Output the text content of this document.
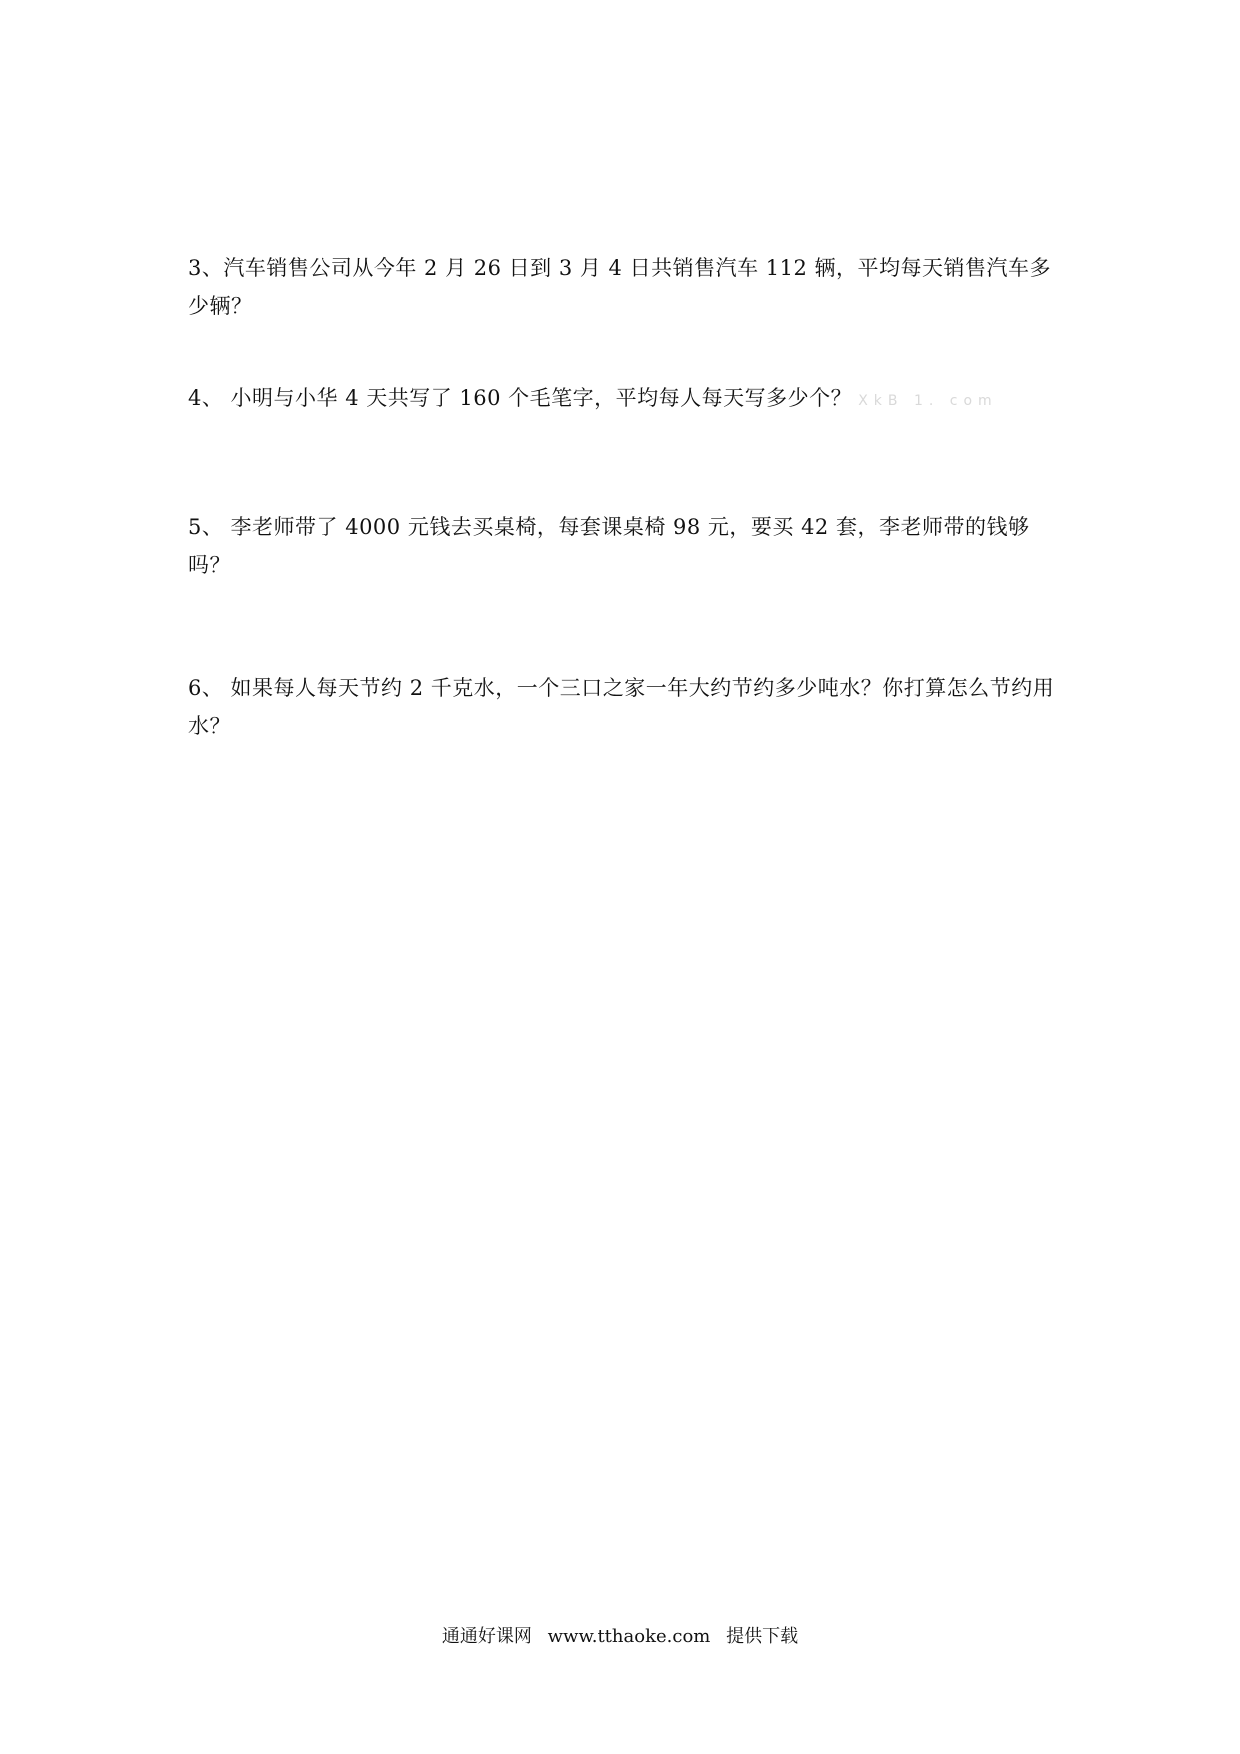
3、汽车销售公司从今年 2 月 26 日到 3 月 4 日共销售汽车 112 辆，平均每天销售汽车多少辆？
4、 小明与小华 4 天共写了 160 个毛笔字，平均每人每天写多少个？ XkB 1. com
5、 李老师带了 4000 元钱去买桌椅，每套课桌椅 98 元，要买 42 套，李老师带的钱够吗？
6、 如果每人每天节约 2 千克水，一个三口之家一年大约节约多少吨水？你打算怎么节约用水？
通通好课网 www.tthaoke.com 提供下载
